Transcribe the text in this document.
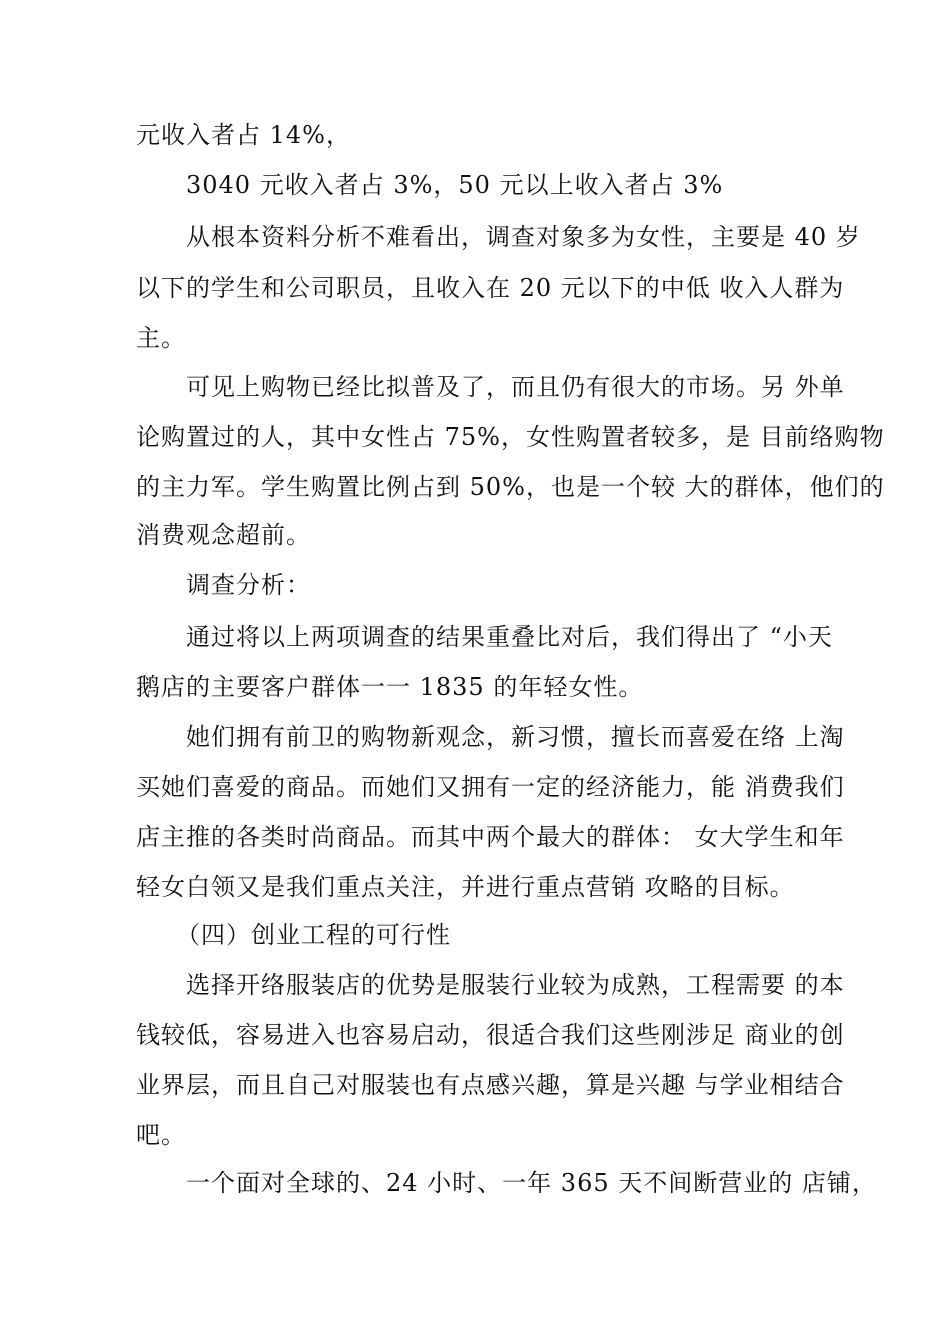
元收入者占 14%，
3040 元收入者占 3%，50 元以上收入者占 3%
从根本资料分析不难看出，调查对象多为女性，主要是 40 岁
以下的学生和公司职员，且收入在 20 元以下的中低 收入人群为
主。
可见上购物已经比拟普及了，而且仍有很大的市场。另 外单
论购置过的人，其中女性占 75%，女性购置者较多，是 目前络购物
的主力军。学生购置比例占到 50%，也是一个较 大的群体，他们的
消费观念超前。
调查分析：
通过将以上两项调查的结果重叠比对后，我们得出了 “小天
鹅店的主要客户群体一一 1835 的年轻女性。
她们拥有前卫的购物新观念，新习惯，擅长而喜爱在络 上淘
买她们喜爱的商品。而她们又拥有一定的经济能力，能 消费我们
店主推的各类时尚商品。而其中两个最大的群体： 女大学生和年
轻女白领又是我们重点关注，并进行重点营销 攻略的目标。
（四）创业工程的可行性
选择开络服装店的优势是服装行业较为成熟，工程需要 的本
钱较低，容易进入也容易启动，很适合我们这些刚涉足 商业的创
业界层，而且自己对服装也有点感兴趣，算是兴趣 与学业相结合
吧。
一个面对全球的、24 小时、一年 365 天不间断营业的 店铺，
